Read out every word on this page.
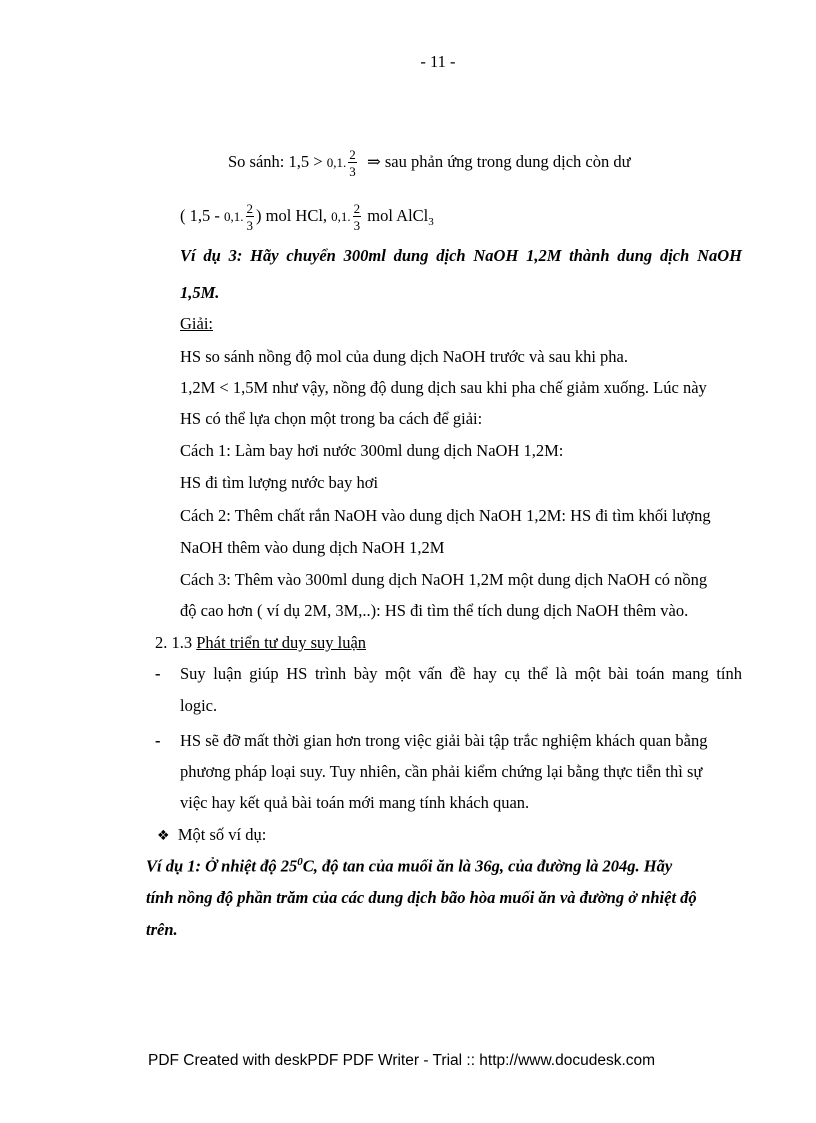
- 11 -
So sánh: 1,5 > 0,1. $\frac{2}{3}$ ⇒ sau phản ứng trong dung dịch còn dư
( 1,5 - 0,1. $\frac{2}{3}$ ) mol HCl, 0,1. $\frac{2}{3}$ mol AlCl$_3$
Ví dụ 3: Hãy chuyển 300ml dung dịch NaOH 1,2M thành dung dịch NaOH
1,5M.
Giải:
HS so sánh nồng độ mol của dung dịch NaOH trước và sau khi pha.
1,2M < 1,5M như vậy, nồng độ dung dịch sau khi pha chế giảm xuống. Lúc này
HS có thể lựa chọn một trong ba cách để giải:
Cách 1: Làm bay hơi nước 300ml dung dịch NaOH 1,2M:
HS đi tìm lượng nước bay hơi
Cách 2: Thêm chất rắn NaOH vào dung dịch NaOH 1,2M: HS đi tìm khối lượng
NaOH thêm vào dung dịch NaOH 1,2M
Cách 3: Thêm vào 300ml dung dịch NaOH 1,2M một dung dịch NaOH có nồng
độ cao hơn ( ví dụ 2M, 3M,..): HS đi tìm thể tích dung dịch NaOH thêm vào.
2. 1.3 Phát triển tư duy suy luận
- Suy luận giúp HS trình bày một vấn đề hay cụ thể là một bài toán mang tính
logic.
- HS sẽ đỡ mất thời gian hơn trong việc giải bài tập trắc nghiệm khách quan bằng
phương pháp loại suy. Tuy nhiên, cần phải kiểm chứng lại bằng thực tiễn thì sự
việc hay kết quả bài toán mới mang tính khách quan.
❖ Một số ví dụ:
Ví dụ 1: Ở nhiệt độ $25^0C$, độ tan của muối ăn là 36g, của đường là 204g. Hãy
tính nồng độ phần trăm của các dung dịch bão hòa muối ăn và đường ở nhiệt độ
trên.
PDF Created with deskPDF PDF Writer - Trial :: http://www.docudesk.com
